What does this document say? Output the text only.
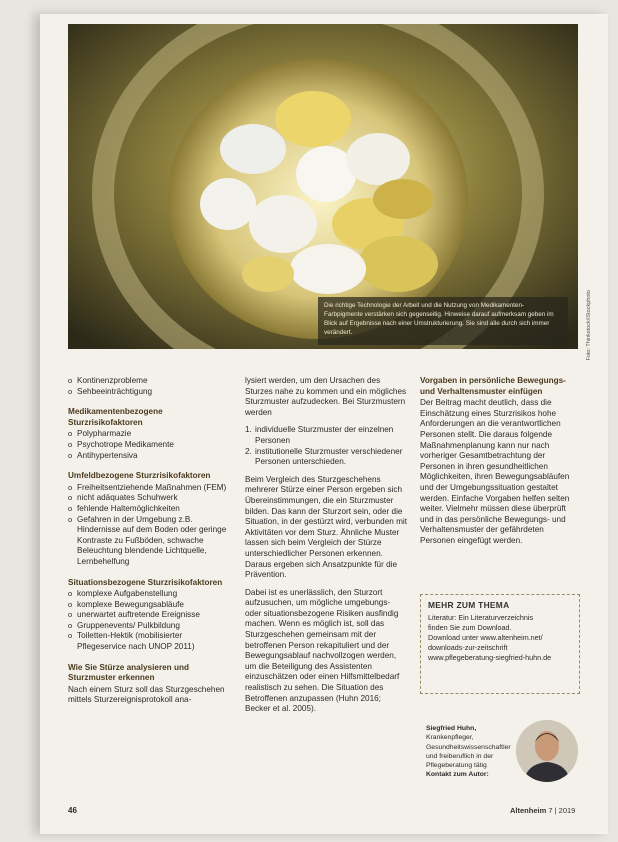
Die richtige Technologie der Arbeit und die Nutzung von Medikamenten-Farbpigmente verstärken sich gegenseitig. Hinweise darauf aufmerksam geben im Blick auf Ergebnisse nach einer Umstrukturierung. Sie sind alle durch sich immer verändert.	Foto: Thinkstock/iStockphoto
o Kontinenzprobleme
o Sehbeeinträchtigung
Medikamentenbezogene Sturzrisikofaktoren
o Polypharmazie
o Psychotrope Medikamente
o Antihypertensiva
Umfeldbezogene Sturzrisikofaktoren
o Freiheitsentziehende Maßnahmen (FEM)
o nicht adäquates Schuhwerk
o fehlende Haltemöglichkeiten
o Gefahren in der Umgebung z.B. Hindernisse auf dem Boden oder geringe Kontraste zu Fußböden, schwache Beleuchtung blendende Lichtquelle, Lernbehelfung
Situationsbezogene Sturzrisikofaktoren
o komplexe Aufgabenstellung
o komplexe Bewegungsabläufe
o unerwartet auftretende Ereignisse
o Gruppenevents/ Pulkbildung
o Toiletten-Hektik (mobilisierter Pflegeservice nach UNOP 2011)
Wie Sie Stürze analysieren und Sturzmuster erkennen

Nach einem Sturz soll das Sturzgeschehen mittels Sturzereignisprotokoll ana-

lysiert werden, um den Ursachen des Sturzes nahe zu kommen und ein mögliches Sturzmuster aufzudecken. Bei Sturzmustern werden

1. individuelle Sturzmuster der einzelnen Personen
2. institutionelle Sturzmuster verschiedener Personen unterschieden.

Beim Vergleich des Sturzgeschehens mehrerer Stürze einer Person ergeben sich Übereinstimmungen, die ein Sturzmuster bilden. Das kann der Sturzort sein, oder die Situation, in der gestürzt wird, verbunden mit Aktivitäten vor dem Sturz. Ähnliche Muster lassen sich beim Vergleich der Stürze unterschiedlicher Personen erkennen. Daraus ergeben sich Ansatzpunkte für die Prävention.

Dabei ist es unerlässlich, den Sturzort aufzusuchen, um mögliche umgebungs- oder situationsbezogene Risiken ausfindig machen. Wenn es möglich ist, soll das Sturzgeschehen gemeinsam mit der betroffenen Person rekapituliert und der Bewegungsablauf nachvollzogen werden, um die Beteiligung des Assistenten einzuschätzen oder einen Hilfsmittelbedarf realistisch zu sehen. Die Situation des Betroffenen anzupassen (Huhn 2016; Becker et al. 2005).

Vorgaben in persönliche Bewegungs- und Verhaltensmuster einfügen

Der Beitrag macht deutlich, dass die Einschätzung eines Sturzrisikos hohe Anforderungen an die verantwortlichen Personen stellt. Die daraus folgende Maßnahmenplanung kann nur nach vorheriger Gesamtbetrachtung der Personen in ihren gesundheitlichen Möglichkeiten, ihren Bewegungsabläufen und der Umgebungssituation gestaltet werden. Einfache Vorgaben helfen selten weiter. Vielmehr müssen diese überprüft und in das persönliche Bewegungs- und Verhaltensmuster der gefährdeten Personen eingefügt werden.

MEHR ZUM THEMA
Literatur: Ein Literaturverzeichnis
finden Sie zum Download.
Download unter www.altenheim.net/
downloads-zur-zeitschrift
www.pflegeberatung-siegfried-huhn.de
Siegfried Huhn,
Krankenpfleger, Gesundheitswissenschaftler und freiberuflich in der Pflegeberatung tätig
Kontakt zum Autor:
46	Altenheim 7 | 2019
